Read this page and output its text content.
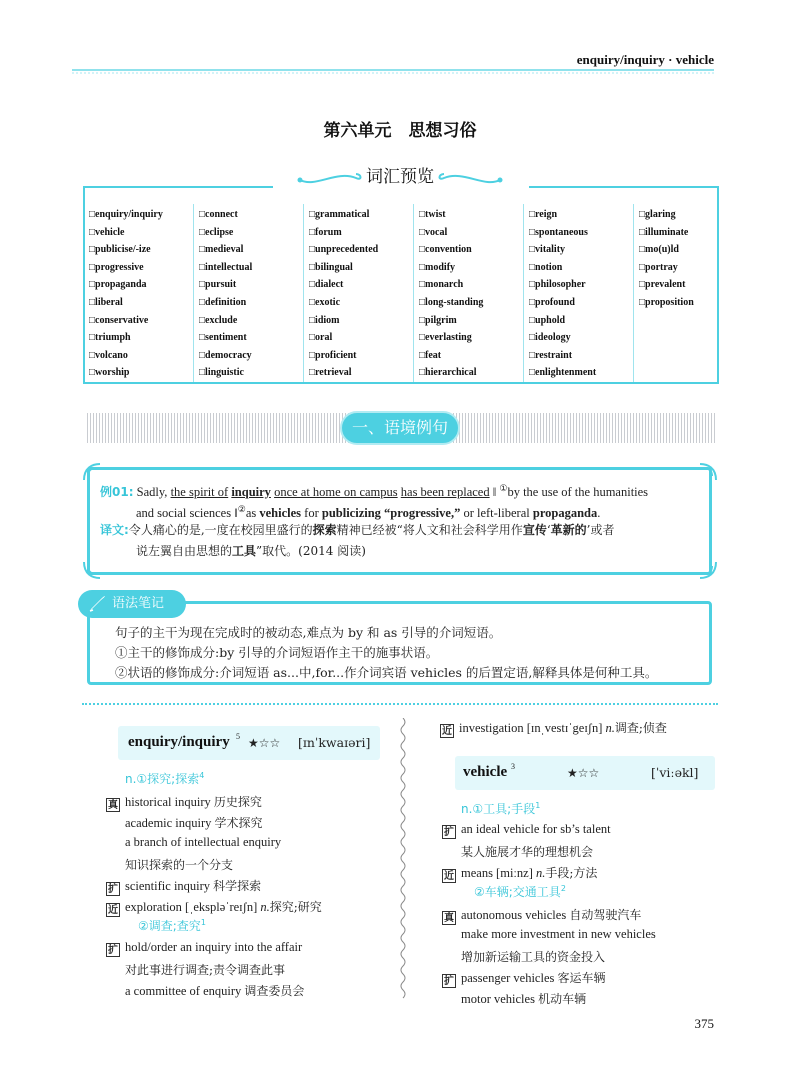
enquiry/inquiry · vehicle
第六单元　思想习俗
词汇预览
□enquiry/inquiry
□vehicle
□publicise/-ize
□progressive
□propaganda
□liberal
□conservative
□triumph
□volcano
□worship
□connect
□eclipse
□medieval
□intellectual
□pursuit
□definition
□exclude
□sentiment
□democracy
□linguistic
□grammatical
□forum
□unprecedented
□bilingual
□dialect
□exotic
□idiom
□oral
□proficient
□retrieval
□twist
□vocal
□convention
□modify
□monarch
□long-standing
□pilgrim
□everlasting
□feat
□hierarchical
□reign
□spontaneous
□vitality
□notion
□philosopher
□profound
□uphold
□ideology
□restraint
□enlightenment
□glaring
□illuminate
□mo(u)ld
□portray
□prevalent
□proposition
一、语境例句
例01: Sadly, the spirit of inquiry once at home on campus has been replaced ‖ ①by the use of the humanities
and social sciences ‖②as vehicles for publicizing “progressive,” or left-liberal propaganda.
译文:令人痛心的是,一度在校园里盛行的探索精神已经被“将人文和社会科学用作宣传‘革新的’或者
说左翼自由思想的工具”取代。(2014 阅读)
语法笔记
句子的主干为现在完成时的被动态,难点为 by 和 as 引导的介词短语。
①主干的修饰成分:by 引导的介词短语作主干的施事状语。
②状语的修饰成分:介词短语 as...中,for...作介词宾语 vehicles 的后置定语,解释具体是何种工具。
enquiry/inquiry 5 ★☆☆ [ɪnˈkwaɪəri]
n.①探究;探索$^4$
真 historical inquiry 历史探究
academic inquiry 学术探究
a branch of intellectual enquiry
知识探索的一个分支
扩 scientific inquiry 科学探索
近 exploration [ˌekspləˈreɪʃn] n.探究;研究
②调查;查究$^1$
扩 hold/order an inquiry into the affair
对此事进行调查;责令调查此事
a committee of enquiry 调查委员会
近 investigation [ɪnˌvestɪˈgeɪʃn] n.调查;侦查
vehicle 3	★☆☆	[ˈviːəkl]
n.①工具;手段$^1$
扩 an ideal vehicle for sb’s talent
某人施展才华的理想机会
近 means [miːnz] n.手段;方法
②车辆;交通工具$^2$
真 autonomous vehicles 自动驾驶汽车
make more investment in new vehicles
增加新运输工具的资金投入
扩 passenger vehicles 客运车辆
motor vehicles 机动车辆
375
